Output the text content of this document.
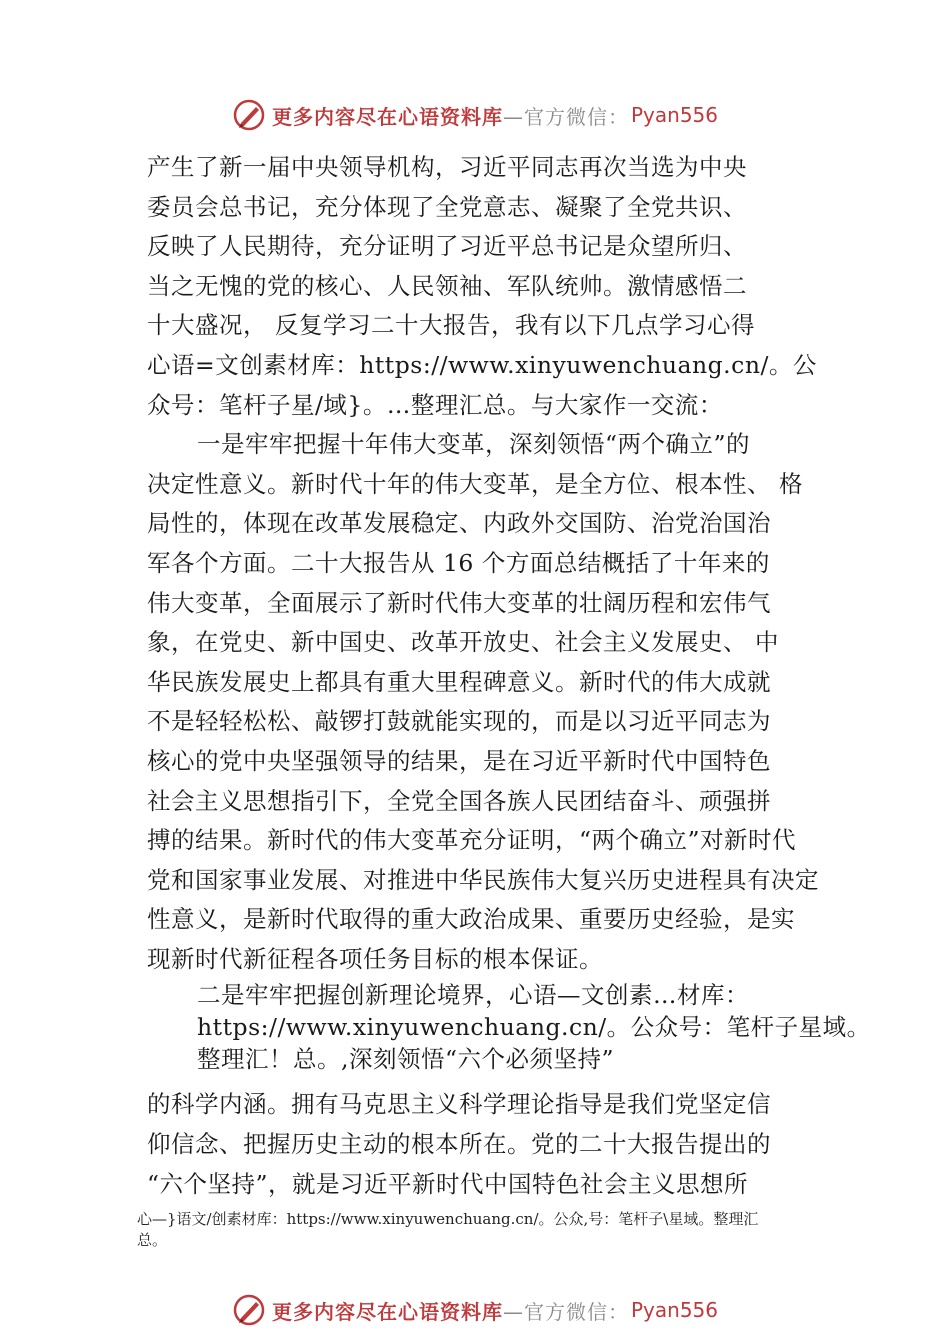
更多内容尽在心语资料库 —官方微信： Pyan556
产生了新一届中央领导机构，习近平同志再次当选为中央
委员会总书记，充分体现了全党意志、凝聚了全党共识、
反映了人民期待，充分证明了习近平总书记是众望所归、
当之无愧的党的核心、人民领袖、军队统帅。激情感悟二
十大盛况， 反复学习二十大报告，我有以下几点学习心得
心语=文创素材库：https://www.xinyuwenchuang.cn/。公
众号：笔杆子星/域}。…整理汇总。与大家作一交流：
一是牢牢把握十年伟大变革，深刻领悟“两个确立”的
决定性意义。新时代十年的伟大变革，是全方位、根本性、 格
局性的，体现在改革发展稳定、内政外交国防、治党治国治
军各个方面。二十大报告从 16 个方面总结概括了十年来的
伟大变革，全面展示了新时代伟大变革的壮阔历程和宏伟气
象，在党史、新中国史、改革开放史、社会主义发展史、 中
华民族发展史上都具有重大里程碑意义。新时代的伟大成就
不是轻轻松松、敲锣打鼓就能实现的，而是以习近平同志为
核心的党中央坚强领导的结果，是在习近平新时代中国特色
社会主义思想指引下，全党全国各族人民团结奋斗、顽强拼
搏的结果。新时代的伟大变革充分证明，“两个确立”对新时代
党和国家事业发展、对推进中华民族伟大复兴历史进程具有决定
性意义，是新时代取得的重大政治成果、重要历史经验，是实
现新时代新征程各项任务目标的根本保证。
二是牢牢把握创新理论境界，心语—文创素…材库：
https://www.xinyuwenchuang.cn/。公众号：笔杆子星域。
整理汇！总。,深刻领悟“六个必须坚持”
的科学内涵。拥有马克思主义科学理论指导是我们党坚定信
仰信念、把握历史主动的根本所在。党的二十大报告提出的
“六个坚持”，就是习近平新时代中国特色社会主义思想所
心—}语文/创素材库：https://www.xinyuwenchuang.cn/。公众,号：笔杆子\星域。整理汇
总。
更多内容尽在心语资料库 —官方微信： Pyan556
